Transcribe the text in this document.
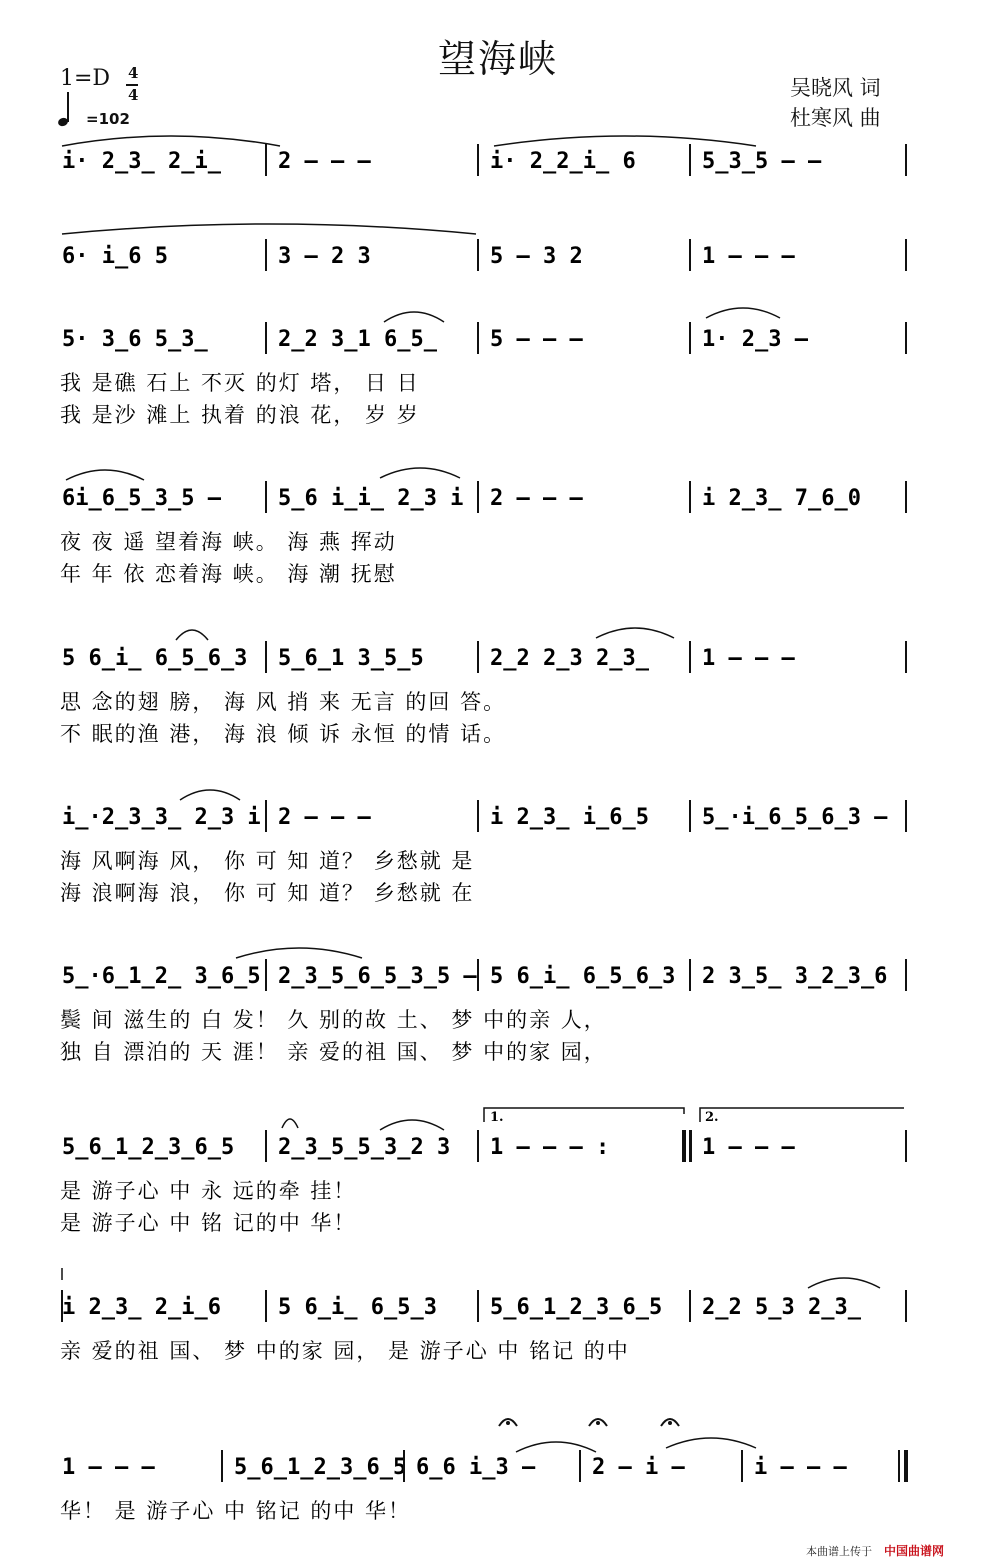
望海峡
吴晓风 词
杜寒风 曲
1=D 4
4
=102
i· 2̲3̲ 2̲i̲	2 – – –	i· 2̲2̲i̲ 6	5̲3̲5 – –
6· i̲6 5	3 – 2 3	5 – 3 2	1 – – –
5· 3̲6 5̲3̲	2̲2 3̲1 6̲5̲ 5 – – –	1· 2̲3 –
我 是礁 石上 不灭 的灯 塔， 日 日
我 是沙 滩上 执着 的浪 花， 岁 岁
6i̲6̲5̲3̲5 –	5̲6 i̲i̲ 2̲3 i 2 – – –	i 2̲3̲ 7̲6̲0
夜 夜 遥 望着海 峡。 海 燕 挥动
年 年 依 恋着海 峡。 海 潮 抚慰
5 6̲i̲ 6̲5̲6̲3 5̲6̲1 3̲5̲5	2̲2 2̲3 2̲3̲ 1 – – –
思 念的翅 膀， 海 风 捎 来 无言 的回 答。
不 眠的渔 港， 海 浪 倾 诉 永恒 的情 话。
i̲·2̲3̲3̲ 2̲3 i 2 – – –	i 2̲3̲ i̲6̲5 5̲·i̲6̲5̲6̲3 –
海 风啊海 风， 你 可 知 道？ 乡愁就 是
海 浪啊海 浪， 你 可 知 道？ 乡愁就 在
5̲·6̲1̲2̲ 3̲6̲5 2̲3̲5̲6̲5̲3̲5 – 5 6̲i̲ 6̲5̲6̲3 2 3̲5̲ 3̲2̲3̲6
鬓 间 滋生的 白 发！ 久 别的故 土、 梦 中的亲 人，
独 自 漂泊的 天 涯！ 亲 爱的祖 国、 梦 中的家 园，
5̲6̲1̲2̲3̲6̲5 2̲3̲5̲5̲3̲2 3 1 – – – :	1 – – –
1.	2.
是 游子心 中 永 远的牵 挂！
是 游子心 中 铭 记的中 华！
i 2̲3̲ 2̲i̲6	5 6̲i̲ 6̲5̲3 5̲6̲1̲2̲3̲6̲5 2̲2 5̲3 2̲3̲
亲 爱的祖 国、 梦 中的家 园， 是 游子心 中 铭记 的中
1 – – –	5̲6̲1̲2̲3̲6̲5 6̲6 i̲3 –	2 – i –	i – – –
华！ 是 游子心 中 铭记 的中 华！
本曲谱上传于 中国曲谱网
